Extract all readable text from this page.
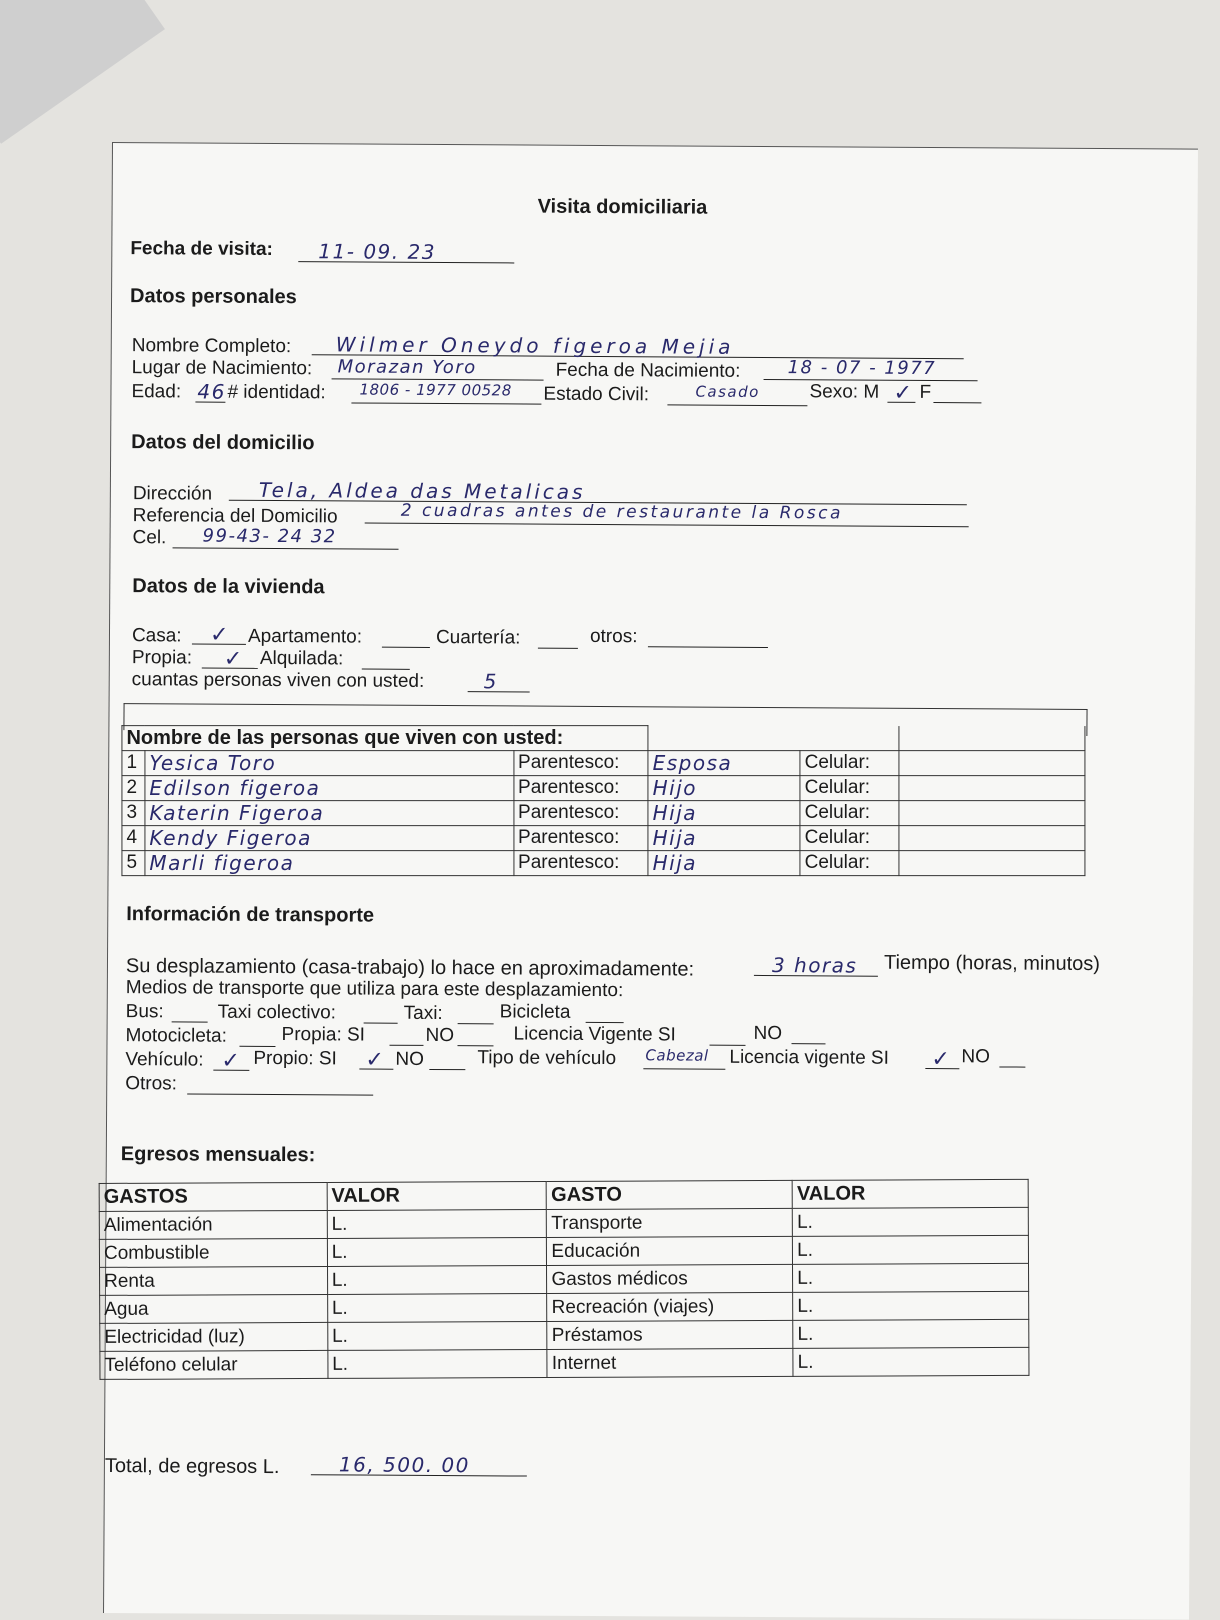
Visita domiciliaria
Fecha de visita:	11- 09. 23
Datos personales
Nombre Completo:	Wilmer Oneydo figeroa Mejia
Lugar de Nacimiento:	Morazan Yoro	Fecha de Nacimiento:	18 - 07 - 1977
Edad: 46 # identidad:	1806 - 1977 00528	Estado Civil:	Casado	Sexo: M ✓ F
Datos del domicilio
Dirección	Tela, Aldea das Metalicas
Referencia del Domicilio	2 cuadras antes de restaurante la Rosca
Cel.	99-43- 24 32
Datos de la vivienda
Casa:	✓	Apartamento:	Cuartería:	otros:
Propia:	✓ Alquilada:
cuantas personas viven con usted:	5
Nombre de las personas que viven con usted:					
1	Yesica Toro	Parentesco:	Esposa	Celular:	
2	Edilson figeroa	Parentesco:	Hijo	Celular:	
3	Katerin Figeroa	Parentesco:	Hija	Celular:	
4	Kendy Figeroa	Parentesco:	Hija	Celular:	
5	Marli figeroa	Parentesco:	Hija	Celular:	
Información de transporte
Su desplazamiento (casa-trabajo) lo hace en aproximadamente:	3 horas	Tiempo (horas, minutos)
Medios de transporte que utiliza para este desplazamiento:
Bus:	Taxi colectivo:	Taxi:	Bicicleta
Motocicleta:	Propia: SI	NO	Licencia Vigente SI	NO
Vehículo: ✓ Propio: SI ✓ NO	Tipo de vehículo Cabezal	Licencia vigente SI ✓ NO
Otros:
Egresos mensuales:
GASTOS	VALOR	GASTO	VALOR
Alimentación	L.	Transporte	L.
Combustible	L.	Educación	L.
Renta	L.	Gastos médicos	L.
Agua	L.	Recreación (viajes)	L.
Electricidad (luz)	L.	Préstamos	L.
Teléfono celular	L.	Internet	L.
Total, de egresos L.	16, 500. 00
